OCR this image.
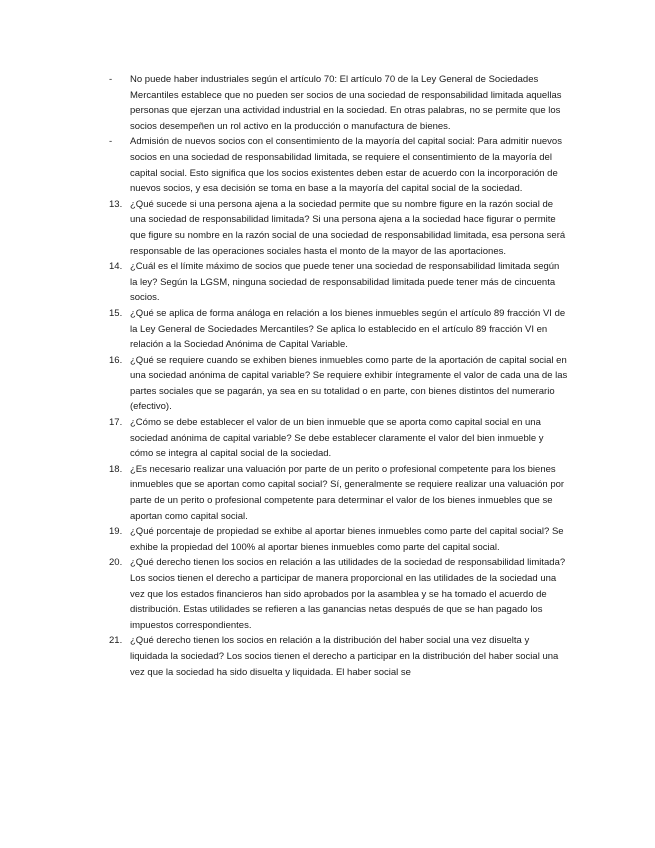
-	No puede haber industriales según el artículo 70: El artículo 70 de la Ley General de Sociedades Mercantiles establece que no pueden ser socios de una sociedad de responsabilidad limitada aquellas personas que ejerzan una actividad industrial en la sociedad. En otras palabras, no se permite que los socios desempeñen un rol activo en la producción o manufactura de bienes.
-	Admisión de nuevos socios con el consentimiento de la mayoría del capital social: Para admitir nuevos socios en una sociedad de responsabilidad limitada, se requiere el consentimiento de la mayoría del capital social. Esto significa que los socios existentes deben estar de acuerdo con la incorporación de nuevos socios, y esa decisión se toma en base a la mayoría del capital social de la sociedad.
13. ¿Qué sucede si una persona ajena a la sociedad permite que su nombre figure en la razón social de una sociedad de responsabilidad limitada? Si una persona ajena a la sociedad hace figurar o permite que figure su nombre en la razón social de una sociedad de responsabilidad limitada, esa persona será responsable de las operaciones sociales hasta el monto de la mayor de las aportaciones.
14. ¿Cuál es el límite máximo de socios que puede tener una sociedad de responsabilidad limitada según la ley? Según la LGSM, ninguna sociedad de responsabilidad limitada puede tener más de cincuenta socios.
15. ¿Qué se aplica de forma análoga en relación a los bienes inmuebles según el artículo 89 fracción VI de la Ley General de Sociedades Mercantiles? Se aplica lo establecido en el artículo 89 fracción VI en relación a la Sociedad Anónima de Capital Variable.
16. ¿Qué se requiere cuando se exhiben bienes inmuebles como parte de la aportación de capital social en una sociedad anónima de capital variable? Se requiere exhibir íntegramente el valor de cada una de las partes sociales que se pagarán, ya sea en su totalidad o en parte, con bienes distintos del numerario (efectivo).
17. ¿Cómo se debe establecer el valor de un bien inmueble que se aporta como capital social en una sociedad anónima de capital variable? Se debe establecer claramente el valor del bien inmueble y cómo se integra al capital social de la sociedad.
18. ¿Es necesario realizar una valuación por parte de un perito o profesional competente para los bienes inmuebles que se aportan como capital social? Sí, generalmente se requiere realizar una valuación por parte de un perito o profesional competente para determinar el valor de los bienes inmuebles que se aportan como capital social.
19. ¿Qué porcentaje de propiedad se exhibe al aportar bienes inmuebles como parte del capital social? Se exhibe la propiedad del 100% al aportar bienes inmuebles como parte del capital social.
20. ¿Qué derecho tienen los socios en relación a las utilidades de la sociedad de responsabilidad limitada? Los socios tienen el derecho a participar de manera proporcional en las utilidades de la sociedad una vez que los estados financieros han sido aprobados por la asamblea y se ha tomado el acuerdo de distribución. Estas utilidades se refieren a las ganancias netas después de que se han pagado los impuestos correspondientes.
21. ¿Qué derecho tienen los socios en relación a la distribución del haber social una vez disuelta y liquidada la sociedad? Los socios tienen el derecho a participar en la distribución del haber social una vez que la sociedad ha sido disuelta y liquidada. El haber social se
